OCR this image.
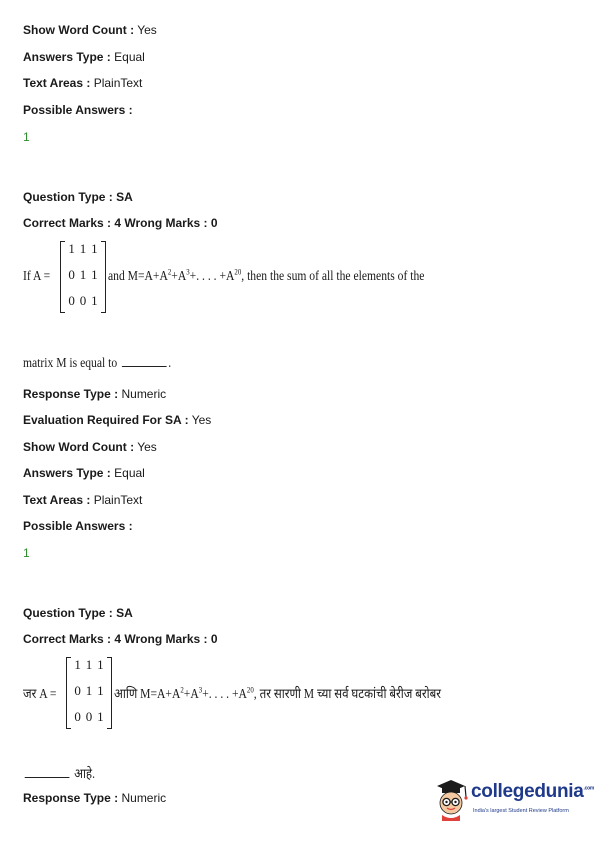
Show Word Count : Yes
Answers Type : Equal
Text Areas : PlainText
Possible Answers :
1
Question Type : SA
Correct Marks : 4 Wrong Marks : 0
If A =
1 1 1
0 1 1
0 0 1
and $M=A+A^2+A^3+$. . . . $+A^{20}$, then the sum of all the elements of the
matrix M is equal to	.
Response Type : Numeric
Evaluation Required For SA : Yes
Show Word Count : Yes
Answers Type : Equal
Text Areas : PlainText
Possible Answers :
1
Question Type : SA
Correct Marks : 4 Wrong Marks : 0
जर A =
1 1 1
0 1 1
0 0 1
आणि $M=A+A^2+A^3+$. . . . $+A^{20}$, तर सारणी M च्या सर्व घटकांची बेरीज बरोबर
आहे.
Response Type : Numeric	collegedunia$^{.com}$
India's largest Student Review Platform
